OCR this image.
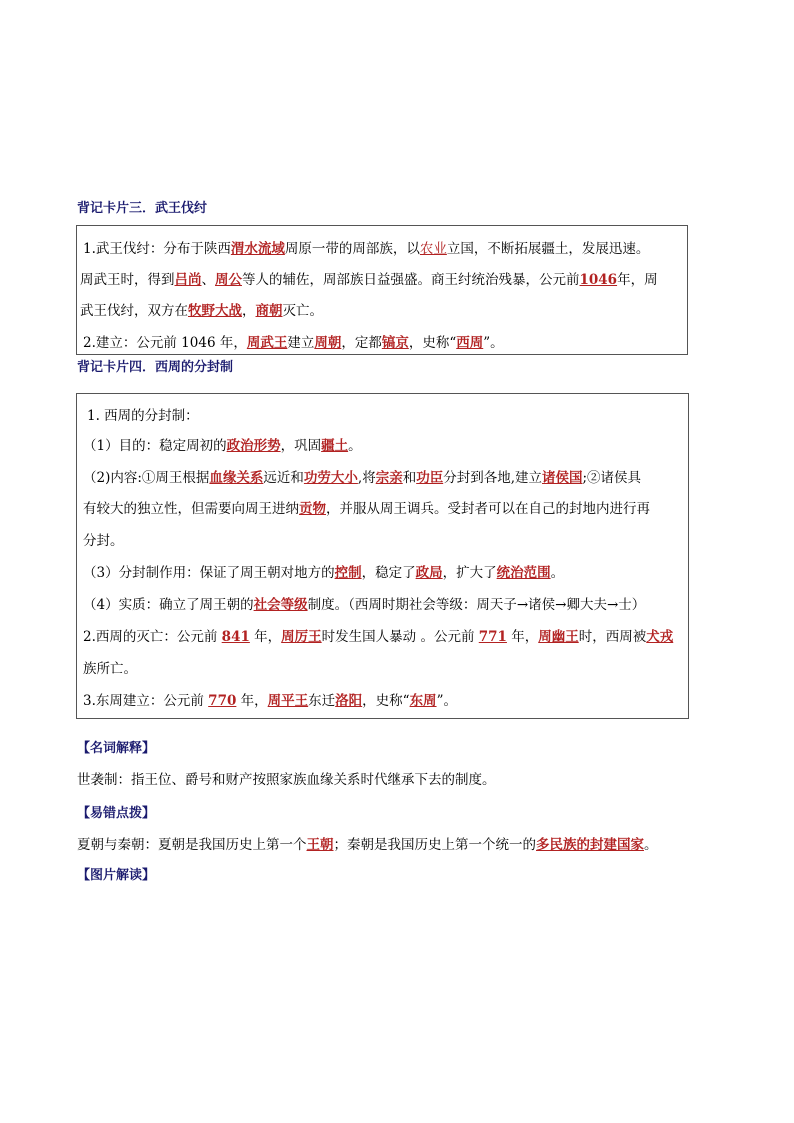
背记卡片三．武王伐纣
1.武王伐纣：分布于陕西渭水流域周原一带的周部族，以农业立国，不断拓展疆土，发展迅速。
周武王时，得到吕尚、周公等人的辅佐，周部族日益强盛。商王纣统治残暴，公元前1046年，周
武王伐纣，双方在牧野大战，商朝灭亡。
2.建立：公元前 1046 年，周武王建立周朝，定都镐京，史称“西周”。
背记卡片四．西周的分封制
1. 西周的分封制：
（1）目的：稳定周初的政治形势，巩固疆土。
（2)内容:①周王根据血缘关系远近和功劳大小,将宗亲和功臣分封到各地,建立诸侯国;②诸侯具
有较大的独立性，但需要向周王进纳贡物，并服从周王调兵。受封者可以在自己的封地内进行再
分封。
（3）分封制作用：保证了周王朝对地方的控制，稳定了政局，扩大了统治范围。
（4）实质：确立了周王朝的社会等级制度。（西周时期社会等级：周天子→诸侯→卿大夫→士）
2.西周的灭亡：公元前 841 年，周厉王时发生国人暴动 。公元前 771 年，周幽王时，西周被犬戎
族所亡。
3.东周建立：公元前 770 年，周平王东迁洛阳，史称“东周”。
【名词解释】
世袭制：指王位、爵号和财产按照家族血缘关系时代继承下去的制度。
【易错点拨】
夏朝与秦朝：夏朝是我国历史上第一个王朝；秦朝是我国历史上第一个统一的多民族的封建国家。
【图片解读】
